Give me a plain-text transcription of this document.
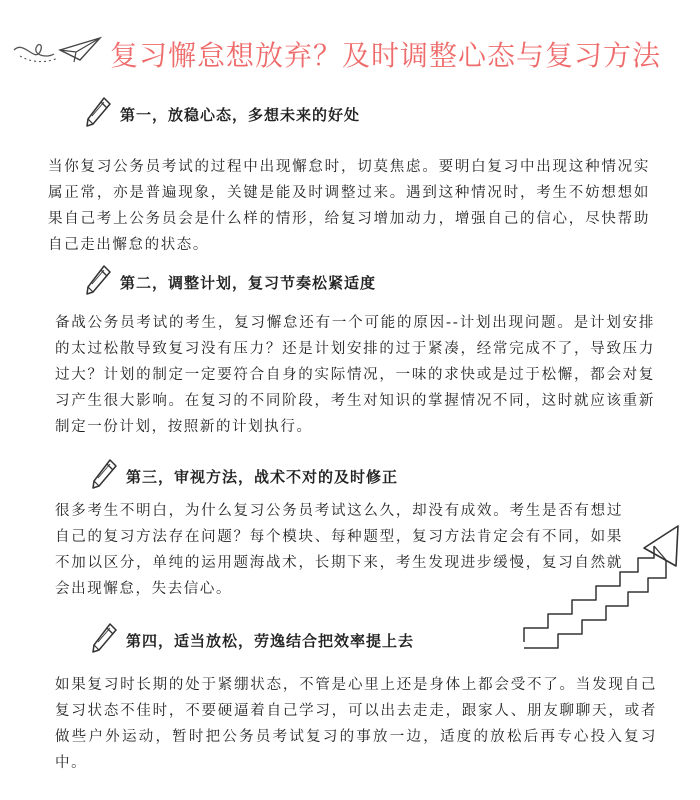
复习懈怠想放弃？及时调整心态与复习方法
第一，放稳心态，多想未来的好处

当你复习公务员考试的过程中出现懈怠时，切莫焦虑。要明白复习中出现这种情况实属正常，亦是普遍现象，关键是能及时调整过来。遇到这种情况时，考生不妨想想如果自己考上公务员会是什么样的情形，给复习增加动力，增强自己的信心，尽快帮助自己走出懈怠的状态。

第二，调整计划，复习节奏松紧适度

备战公务员考试的考生，复习懈怠还有一个可能的原因--计划出现问题。是计划安排的太过松散导致复习没有压力？还是计划安排的过于紧凑，经常完成不了，导致压力过大？计划的制定一定要符合自身的实际情况，一味的求快或是过于松懈，都会对复习产生很大影响。在复习的不同阶段，考生对知识的掌握情况不同，这时就应该重新制定一份计划，按照新的计划执行。

第三，审视方法，战术不对的及时修正

很多考生不明白，为什么复习公务员考试这么久，却没有成效。考生是否有想过自己的复习方法存在问题？每个模块、每种题型，复习方法肯定会有不同，如果不加以区分，单纯的运用题海战术，长期下来，考生发现进步缓慢，复习自然就会出现懈怠，失去信心。

第四，适当放松，劳逸结合把效率提上去

如果复习时长期的处于紧绷状态，不管是心里上还是身体上都会受不了。当发现自己复习状态不佳时，不要硬逼着自己学习，可以出去走走，跟家人、朋友聊聊天，或者做些户外运动，暂时把公务员考试复习的事放一边，适度的放松后再专心投入复习中。
